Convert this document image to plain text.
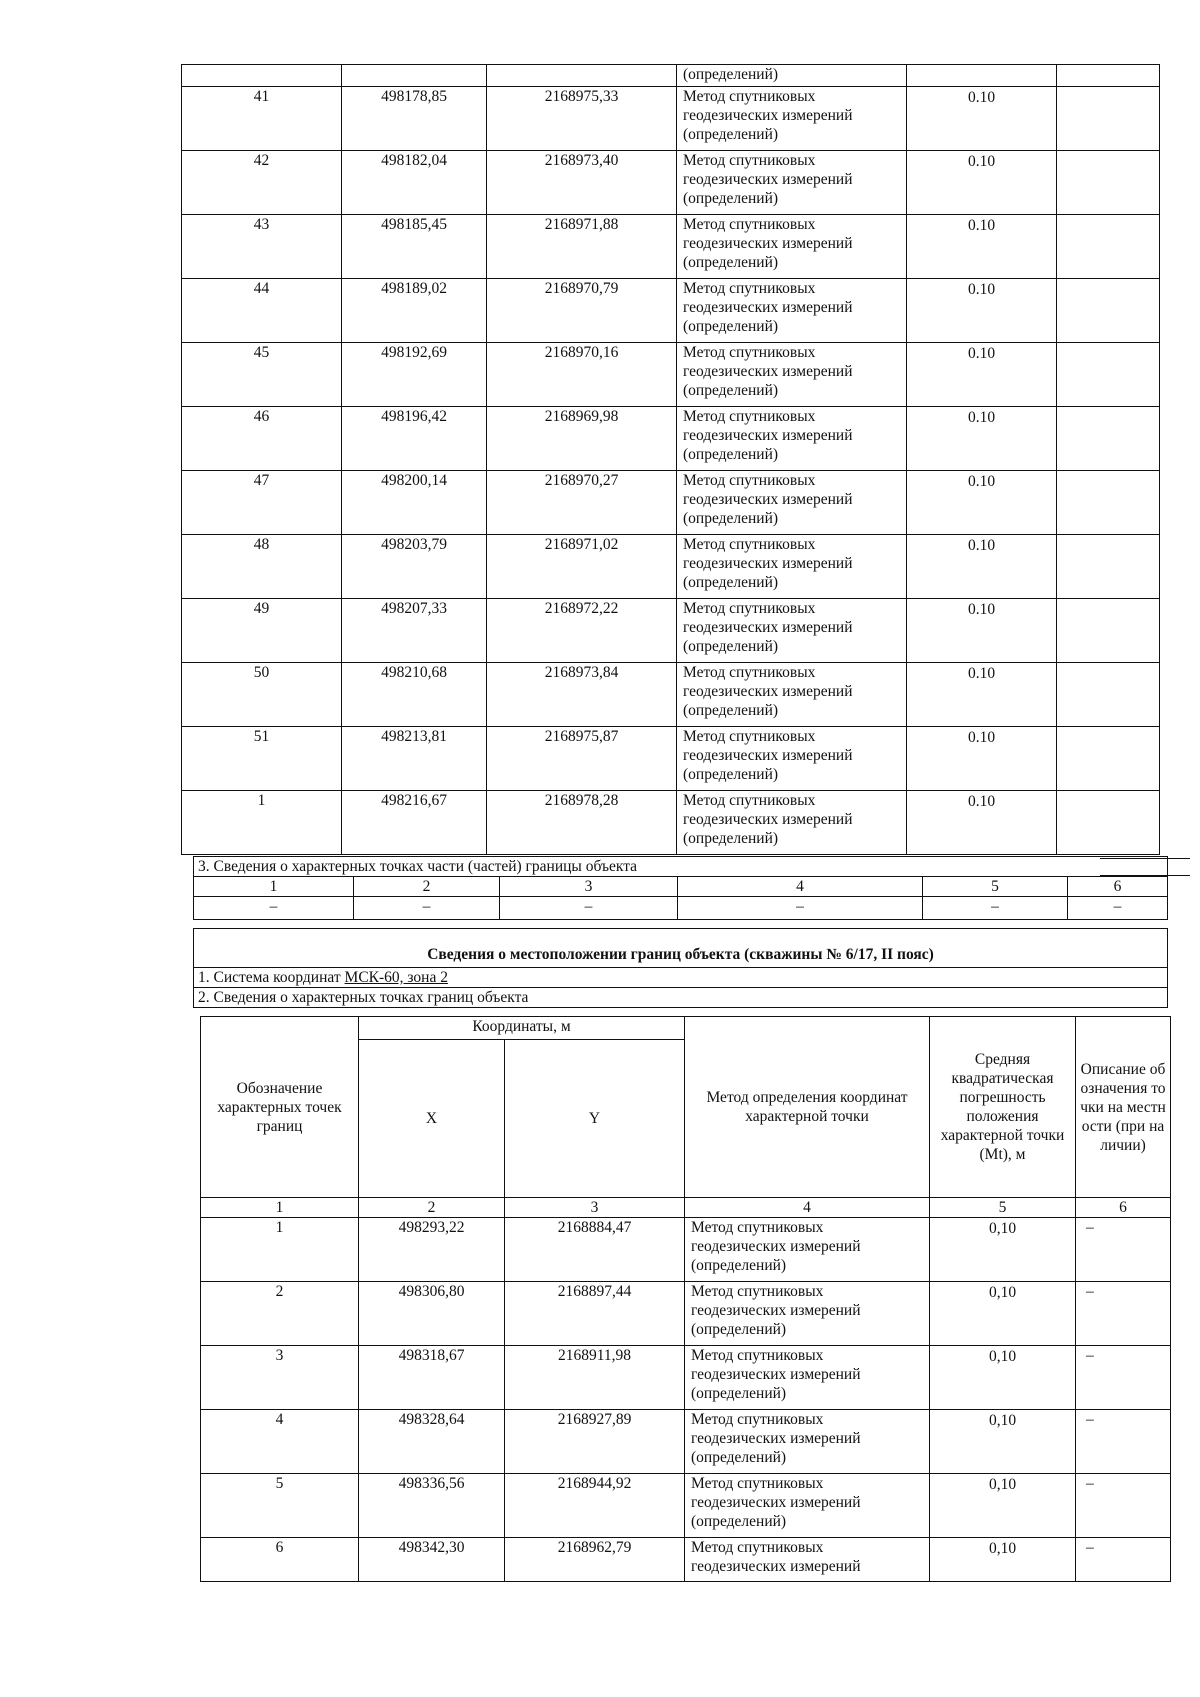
			(определений)		
41	498178,85	2168975,33	Метод спутниковых
геодезических измерений
(определений)	0.10	
42	498182,04	2168973,40	Метод спутниковых
геодезических измерений
(определений)	0.10	
43	498185,45	2168971,88	Метод спутниковых
геодезических измерений
(определений)	0.10	
44	498189,02	2168970,79	Метод спутниковых
геодезических измерений
(определений)	0.10	
45	498192,69	2168970,16	Метод спутниковых
геодезических измерений
(определений)	0.10	
46	498196,42	2168969,98	Метод спутниковых
геодезических измерений
(определений)	0.10	
47	498200,14	2168970,27	Метод спутниковых
геодезических измерений
(определений)	0.10	
48	498203,79	2168971,02	Метод спутниковых
геодезических измерений
(определений)	0.10	
49	498207,33	2168972,22	Метод спутниковых
геодезических измерений
(определений)	0.10	
50	498210,68	2168973,84	Метод спутниковых
геодезических измерений
(определений)	0.10	
51	498213,81	2168975,87	Метод спутниковых
геодезических измерений
(определений)	0.10	
1	498216,67	2168978,28	Метод спутниковых
геодезических измерений
(определений)	0.10	
3. Сведения о характерных точках части (частей) границы объекта					
1	2	3	4	5	6
–	–	–	–	–	–
Сведения о местоположении границ объекта (скважины № 6/17, II пояс)
1. Система координат МСК-60, зона 2
2. Сведения о характерных точках границ объекта
Обозначение характерных точек границ	Координаты, м		Метод определения координат характерной точки	Средняя квадратическая погрешность положения характерной точки (Mt), м	Описание обозначения точки на местности (при наличии)
	X	Y			
1	2	3	4	5	6
1	498293,22	2168884,47	Метод спутниковых
геодезических измерений
(определений)	0,10	–
2	498306,80	2168897,44	Метод спутниковых
геодезических измерений
(определений)	0,10	–
3	498318,67	2168911,98	Метод спутниковых
геодезических измерений
(определений)	0,10	–
4	498328,64	2168927,89	Метод спутниковых
геодезических измерений
(определений)	0,10	–
5	498336,56	2168944,92	Метод спутниковых
геодезических измерений
(определений)	0,10	–
6	498342,30	2168962,79	Метод спутниковых
геодезических измерений	0,10	–
